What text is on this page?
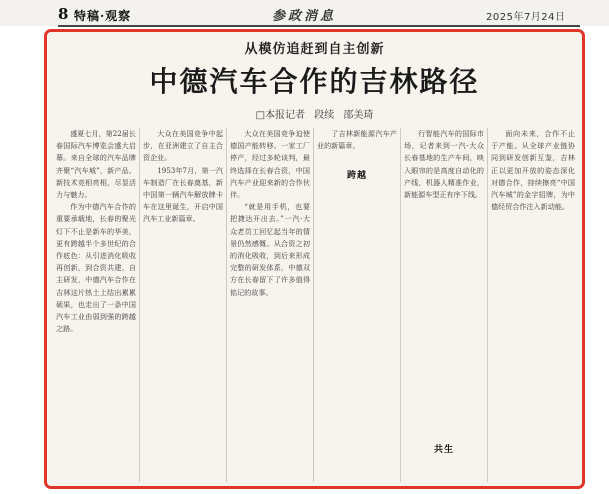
8 特稿·观察	参政消息	2025年7月24日
从模仿追赶到自主创新
中德汽车合作的吉林路径
□本报记者 段续 邵美琦

盛夏七月，第22届长春国际汽车博览会盛大启幕。来自全球的汽车品牌齐聚“汽车城”，新产品、新技术竞相亮相，尽显活力与魅力。

作为中德汽车合作的重要承载地，长春的聚光灯下不止是新车的华美，更有跨越半个多世纪的合作底色：从引进消化吸收再创新，到合资共建、自主研发，中德汽车合作在吉林这片热土上结出累累硕果，也走出了一条中国汽车工业由弱到强的跨越之路。

大众在美国竞争中起步，在亚洲建立了自主合资企业。

1953年7月，第一汽车制造厂在长春奠基，新中国第一辆汽车解放牌卡车在这里诞生，开启中国汽车工业新篇章。

大众在美国竞争迫使德国产能转移。一家工厂停产，经过多轮谈判，最终选择在长春合资，中国汽车产业迎来新的合作伙伴。

“就是用手机，也要把捷达开出去。”一汽-大众老员工回忆起当年的情景仍然感慨。从合资之初的消化吸收，到后来形成完整的研发体系，中德双方在长春留下了许多值得铭记的故事。

了吉林新能源汽车产业的新篇章。

跨越

行智能汽车的国际市场，记者来到一汽-大众长春基地的生产车间，映入眼帘的是高度自动化的产线，机器人精准作业，新能源车型正有序下线。

共生

面向未来，合作不止于产能。从全球产业链协同到研发创新互鉴，吉林正以更加开放的姿态深化对德合作，持续擦亮“中国汽车城”的金字招牌，为中德经贸合作注入新动能。
